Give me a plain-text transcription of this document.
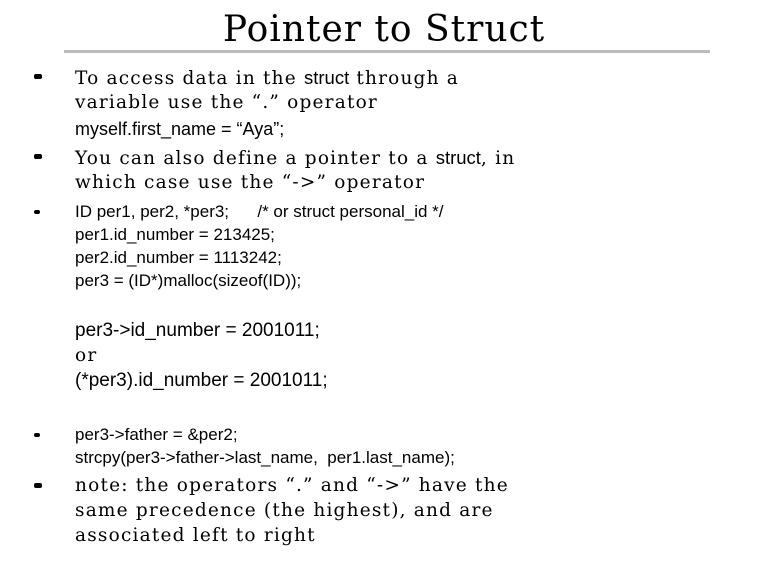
Pointer to Struct
To access data in the struct through a
variable use the “.” operator
myself.first_name = “Aya”;
You can also define a pointer to a struct, in
which case use the “->” operator
ID per1, per2, *per3;      /* or struct personal_id */
per1.id_number = 213425;
per2.id_number = 1113242;
per3 = (ID*)malloc(sizeof(ID));
per3->id_number = 2001011;
or
(*per3).id_number = 2001011;
per3->father = &per2;
strcpy(per3->father->last_name,  per1.last_name);
note: the operators “.” and “->” have the
same precedence (the highest), and are
associated left to right
